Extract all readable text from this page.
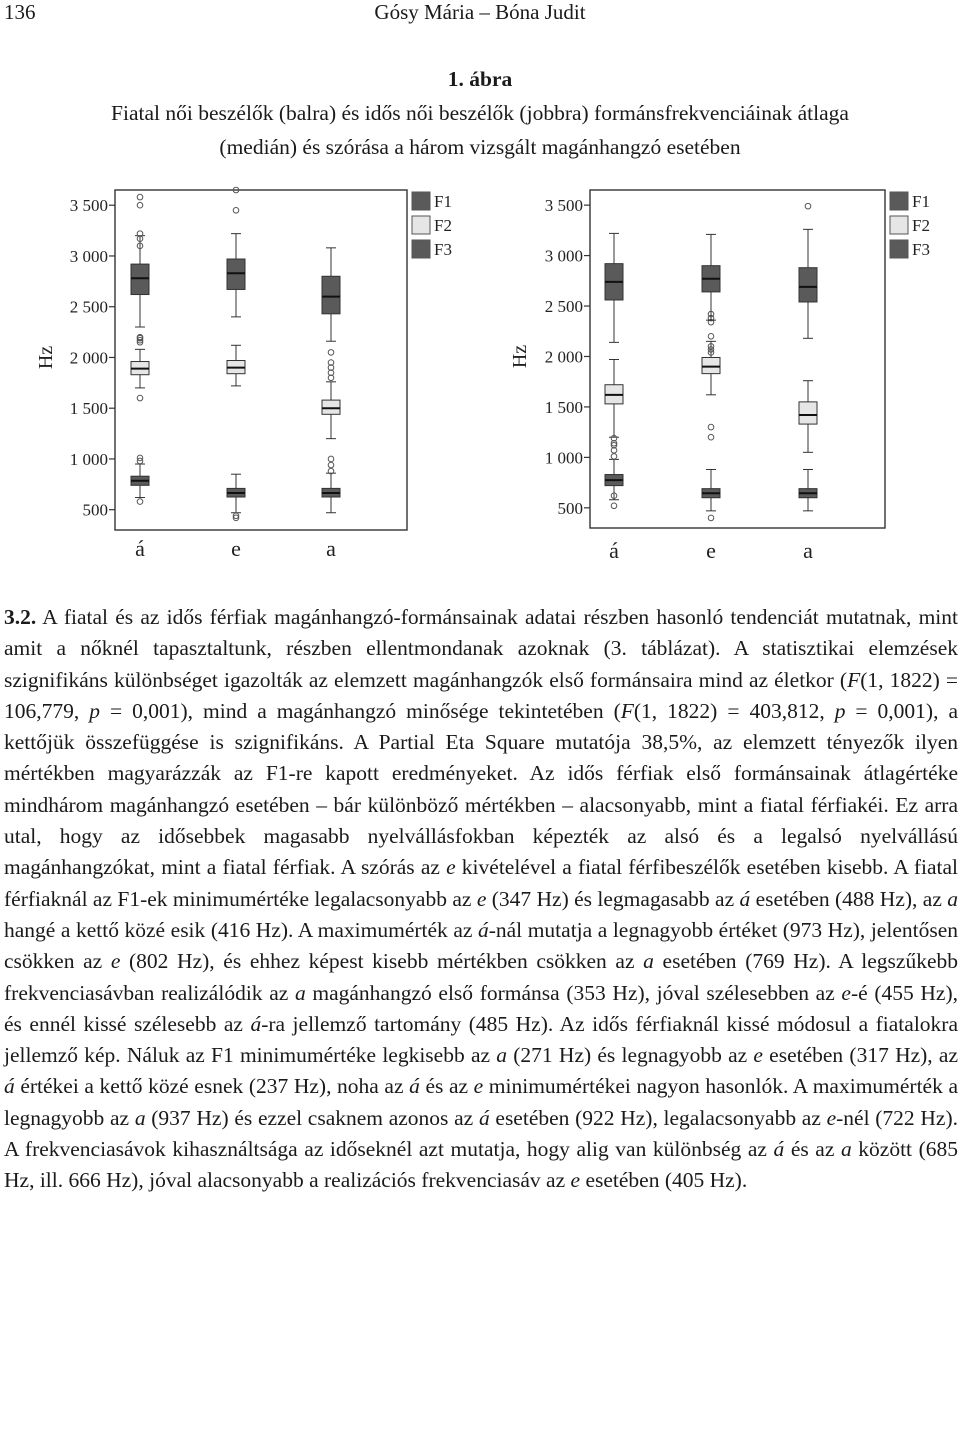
136	Gósy Mária – Bóna Judit
1. ábra
Fiatal női beszélők (balra) és idős női beszélők (jobbra) formánsfrekvenciáinak átlaga
(medián) és szórása a három vizsgált magánhangzó esetében
500
1 000
1 500
2 000
2 500
3 000
3 500
Hz
á	e	a
F1
F2
F3
500
1 000
1 500
2 000
2 500
3 000
3 500
Hz
á	e	a
F1
F2
F3

3.2. A fiatal és az idős férfiak magánhangzó-formánsainak adatai részben hasonló tendenciát mutatnak, mint amit a nőknél tapasztaltunk, részben ellentmondanak azoknak (3. táblázat). A statisztikai elemzések szignifikáns különbséget igazolták az elemzett magánhangzók első formánsaira mind az életkor (F(1, 1822) = 106,779, p = 0,001), mind a magánhangzó minősége tekintetében (F(1, 1822) = 403,812, p = 0,001), a kettőjük összefüggése is szignifikáns. A Partial Eta Square mutatója 38,5%, az elemzett tényezők ilyen mértékben magyarázzák az F1-re kapott eredményeket. Az idős férfiak első formánsainak átlagértéke mindhárom magánhangzó esetében – bár különböző mértékben – alacsonyabb, mint a fiatal férfiakéi. Ez arra utal, hogy az idősebbek magasabb nyelvállásfokban képezték az alsó és a legalsó nyelvállású magánhangzókat, mint a fiatal férfiak. A szórás az e kivételével a fiatal férfibeszélők esetében kisebb. A fiatal férfiaknál az F1-ek minimumértéke legalacsonyabb az e (347 Hz) és legmagasabb az á esetében (488 Hz), az a hangé a kettő közé esik (416 Hz). A maximumérték az á-nál mutatja a legnagyobb értéket (973 Hz), jelentősen csökken az e (802 Hz), és ehhez képest kisebb mértékben csökken az a esetében (769 Hz). A legszűkebb frekvenciasávban realizálódik az a magánhangzó első formánsa (353 Hz), jóval szélesebben az e-é (455 Hz), és ennél kissé szélesebb az á-ra jellemző tartomány (485 Hz). Az idős férfiaknál kissé módosul a fiatalokra jellemző kép. Náluk az F1 minimumértéke legkisebb az a (271 Hz) és legnagyobb az e esetében (317 Hz), az á értékei a kettő közé esnek (237 Hz), noha az á és az e minimumértékei nagyon hasonlók. A maximumérték a legnagyobb az a (937 Hz) és ezzel csaknem azonos az á esetében (922 Hz), legalacsonyabb az e-nél (722 Hz). A frekvenciasávok kihasználtsága az időseknél azt mutatja, hogy alig van különbség az á és az a között (685 Hz, ill. 666 Hz), jóval alacsonyabb a realizációs frekvenciasáv az e esetében (405 Hz).
